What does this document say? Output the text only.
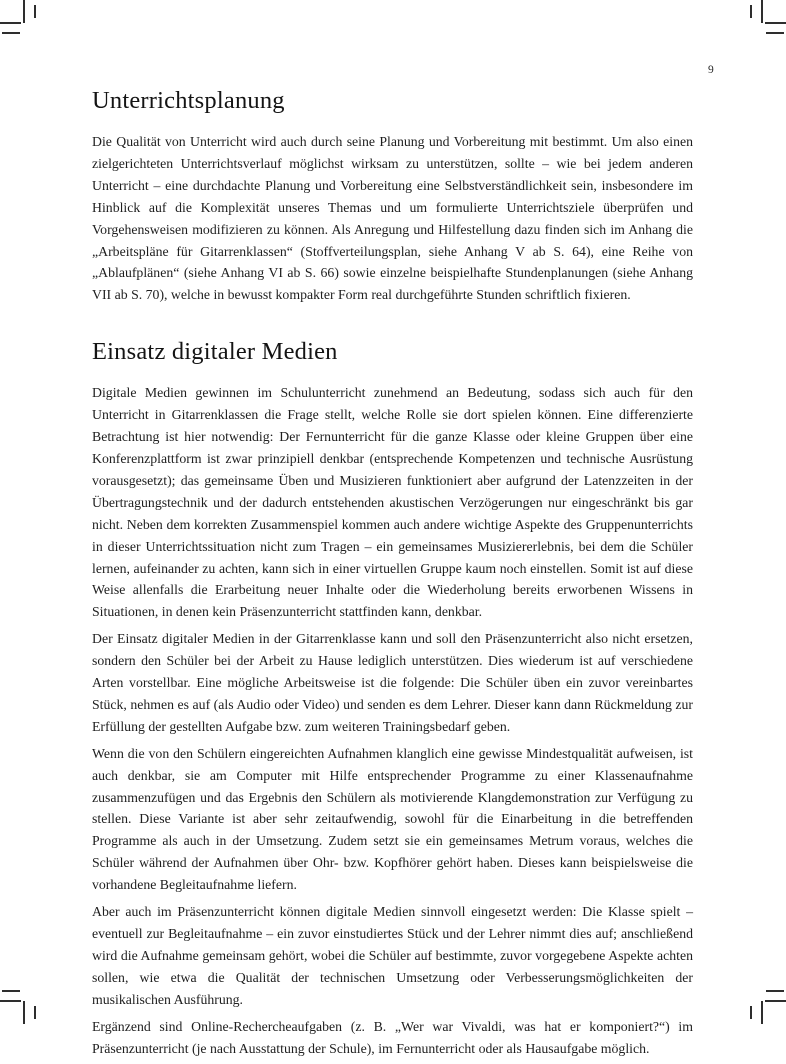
9
Unterrichtsplanung

Die Qualität von Unterricht wird auch durch seine Planung und Vorbereitung mit bestimmt. Um also einen zielgerichteten Unterrichtsverlauf möglichst wirksam zu unterstützen, sollte – wie bei jedem anderen Unterricht – eine durchdachte Planung und Vorbereitung eine Selbstverständlichkeit sein, insbesondere im Hinblick auf die Komplexität unseres Themas und um formulierte Unterrichtsziele überprüfen und Vorgehensweisen modifizieren zu können. Als Anregung und Hilfestellung dazu finden sich im Anhang die „Arbeitspläne für Gitarrenklassen“ (Stoffverteilungsplan, siehe Anhang V ab S. 64), eine Reihe von „Ablaufplänen“ (siehe Anhang VI ab S. 66) sowie einzelne beispielhafte Stundenplanungen (siehe Anhang VII ab S. 70), welche in bewusst kompakter Form real durchgeführte Stunden schriftlich fixieren.

Einsatz digitaler Medien

Digitale Medien gewinnen im Schulunterricht zunehmend an Bedeutung, sodass sich auch für den Unterricht in Gitarrenklassen die Frage stellt, welche Rolle sie dort spielen können. Eine differenzierte Betrachtung ist hier notwendig: Der Fernunterricht für die ganze Klasse oder kleine Gruppen über eine Konferenzplattform ist zwar prinzipiell denkbar (entsprechende Kompetenzen und technische Ausrüstung vorausgesetzt); das gemeinsame Üben und Musizieren funktioniert aber aufgrund der Latenzzeiten in der Übertragungstechnik und der dadurch entstehenden akustischen Verzögerungen nur eingeschränkt bis gar nicht. Neben dem korrekten Zusammenspiel kommen auch andere wichtige Aspekte des Gruppenunterrichts in dieser Unterrichtssituation nicht zum Tragen – ein gemeinsames Musiziererlebnis, bei dem die Schüler lernen, aufeinander zu achten, kann sich in einer virtuellen Gruppe kaum noch einstellen. Somit ist auf diese Weise allenfalls die Erarbeitung neuer Inhalte oder die Wiederholung bereits erworbenen Wissens in Situationen, in denen kein Präsenzunterricht stattfinden kann, denkbar.

Der Einsatz digitaler Medien in der Gitarrenklasse kann und soll den Präsenzunterricht also nicht ersetzen, sondern den Schüler bei der Arbeit zu Hause lediglich unterstützen. Dies wiederum ist auf verschiedene Arten vorstellbar. Eine mögliche Arbeitsweise ist die folgende: Die Schüler üben ein zuvor vereinbartes Stück, nehmen es auf (als Audio oder Video) und senden es dem Lehrer. Dieser kann dann Rückmeldung zur Erfüllung der gestellten Aufgabe bzw. zum weiteren Trainingsbedarf geben.

Wenn die von den Schülern eingereichten Aufnahmen klanglich eine gewisse Mindestqualität aufweisen, ist auch denkbar, sie am Computer mit Hilfe entsprechender Programme zu einer Klassenaufnahme zusammenzufügen und das Ergebnis den Schülern als motivierende Klangdemonstration zur Verfügung zu stellen. Diese Variante ist aber sehr zeitaufwendig, sowohl für die Einarbeitung in die betreffenden Programme als auch in der Umsetzung. Zudem setzt sie ein gemeinsames Metrum voraus, welches die Schüler während der Aufnahmen über Ohr- bzw. Kopfhörer gehört haben. Dieses kann beispielsweise die vorhandene Begleitaufnahme liefern.

Aber auch im Präsenzunterricht können digitale Medien sinnvoll eingesetzt werden: Die Klasse spielt – eventuell zur Begleitaufnahme – ein zuvor einstudiertes Stück und der Lehrer nimmt dies auf; anschließend wird die Aufnahme gemeinsam gehört, wobei die Schüler auf bestimmte, zuvor vorgegebene Aspekte achten sollen, wie etwa die Qualität der technischen Umsetzung oder Verbesserungsmöglichkeiten der musikalischen Ausführung.

Ergänzend sind Online-Rechercheaufgaben (z. B. „Wer war Vivaldi, was hat er komponiert?“) im Präsenzunterricht (je nach Ausstattung der Schule), im Fernunterricht oder als Hausaufgabe möglich.
